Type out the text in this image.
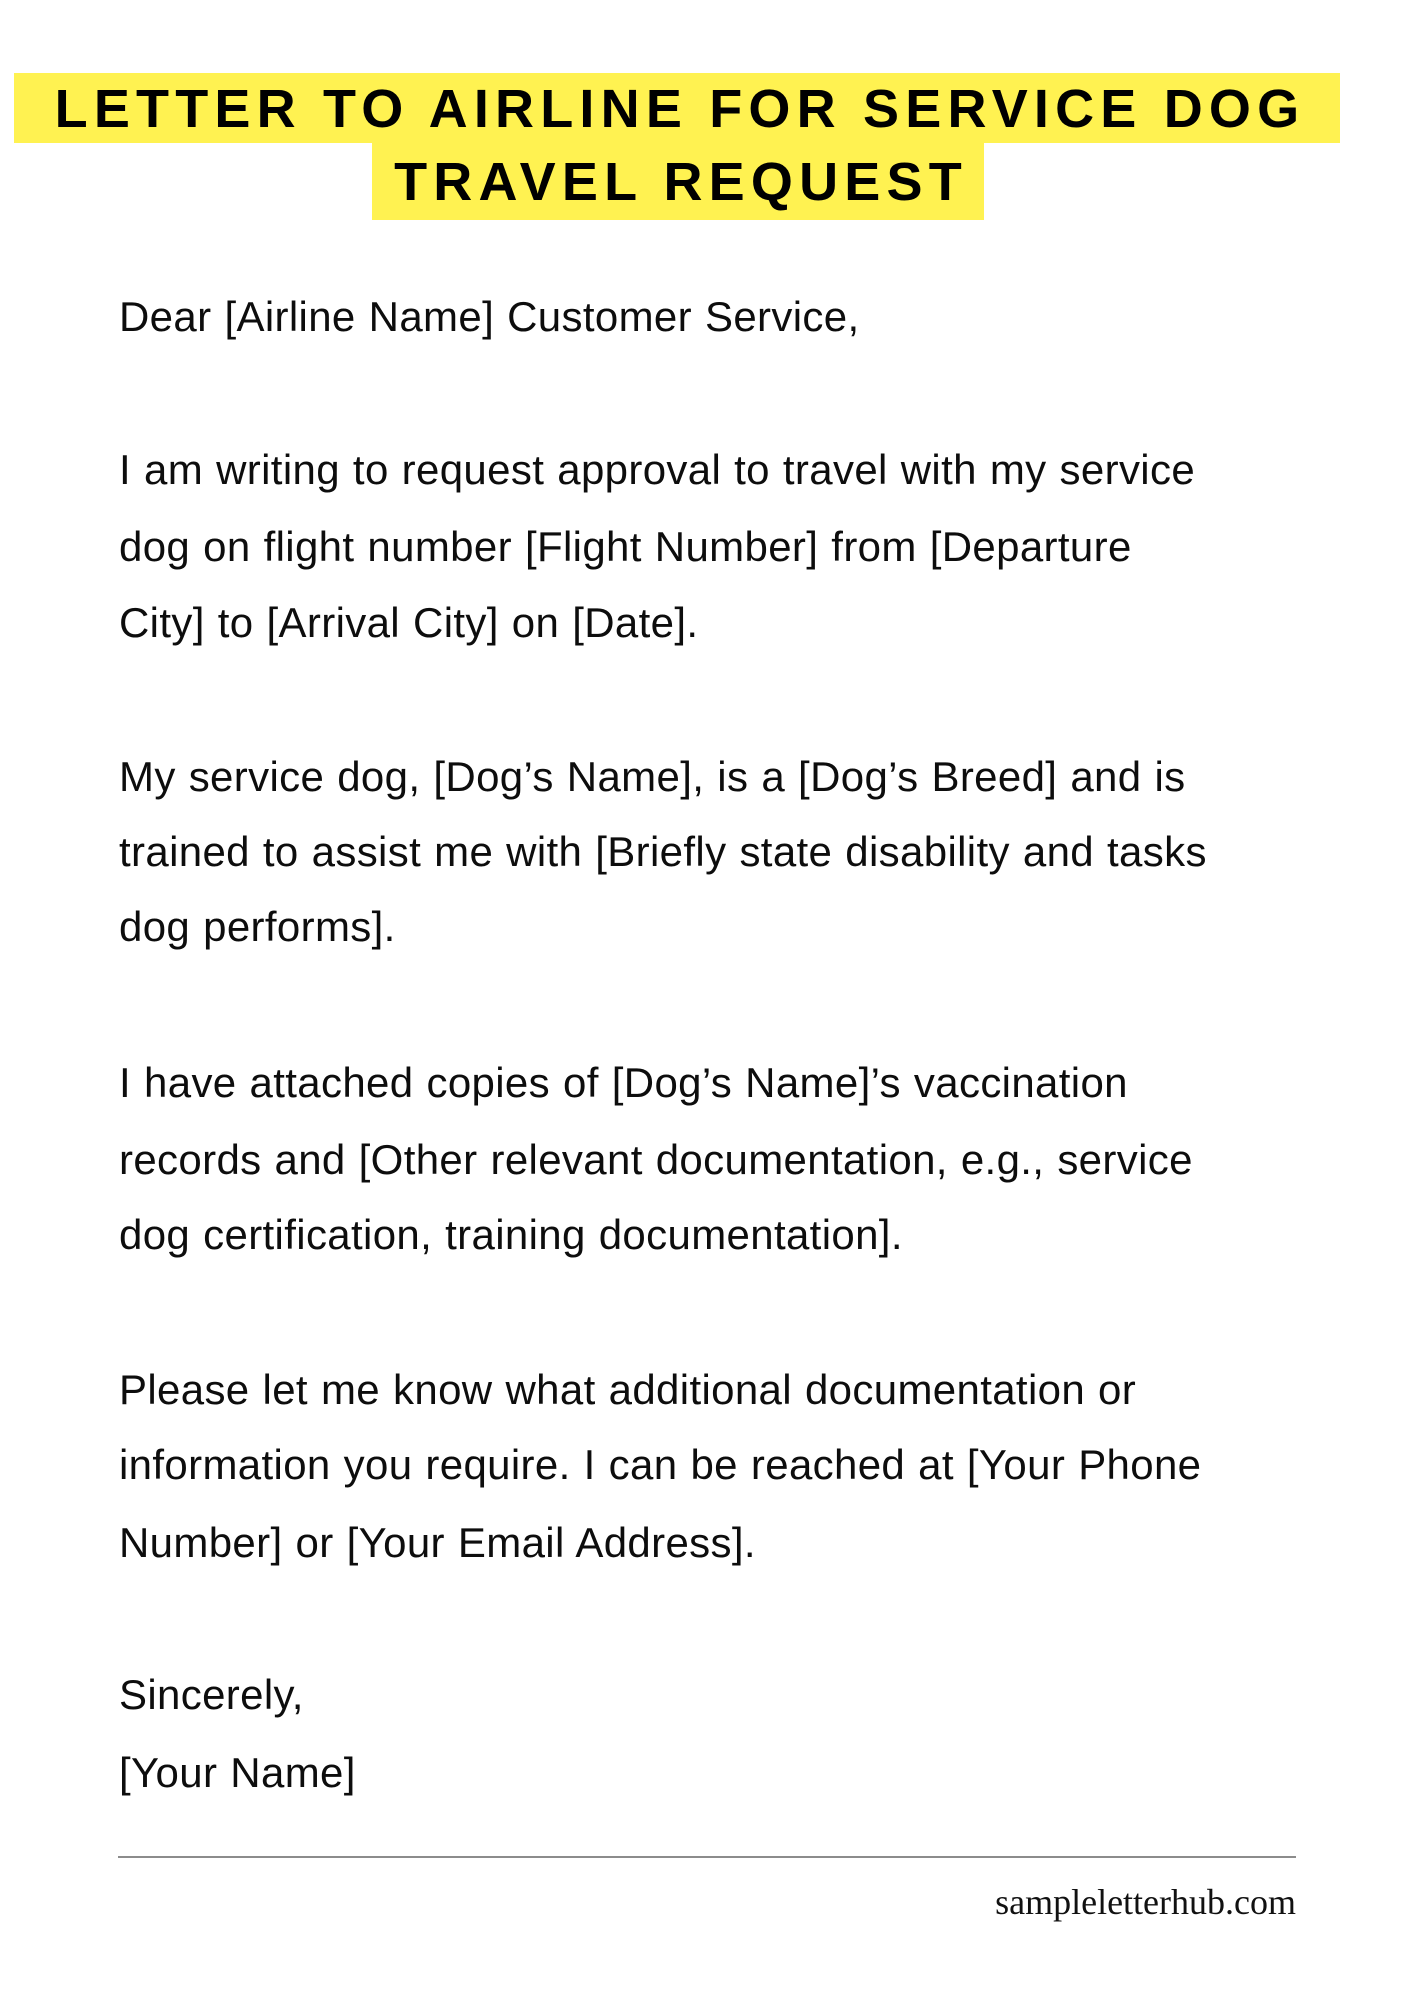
LETTER TO AIRLINE FOR SERVICE DOG
TRAVEL REQUEST
Dear [Airline Name] Customer Service,
I am writing to request approval to travel with my service
dog on flight number [Flight Number] from [Departure
City] to [Arrival City] on [Date].
My service dog, [Dog’s Name], is a [Dog’s Breed] and is
trained to assist me with [Briefly state disability and tasks
dog performs].
I have attached copies of [Dog’s Name]’s vaccination
records and [Other relevant documentation, e.g., service
dog certification, training documentation].
Please let me know what additional documentation or
information you require. I can be reached at [Your Phone
Number] or [Your Email Address].
Sincerely,
[Your Name]
sampleletterhub.com
